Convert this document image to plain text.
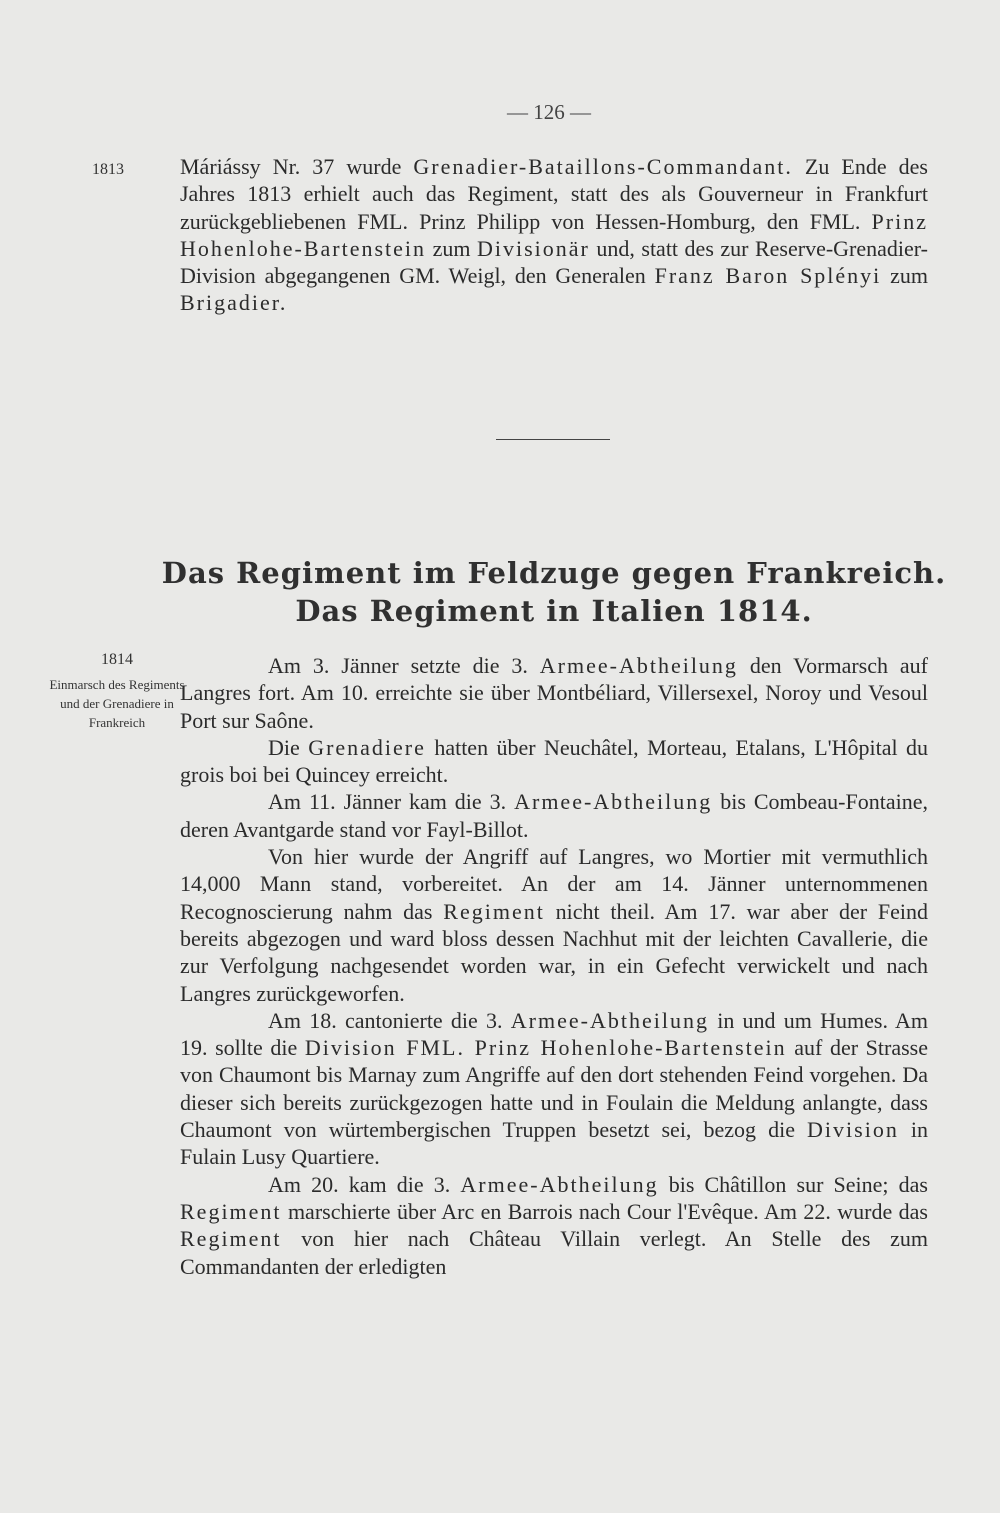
— 126 —
1813
1814
Einmarsch des Regiments und der Grenadiere in Frankreich

Máriássy Nr. 37 wurde Grenadier-Bataillons-Commandant. Zu Ende des Jahres 1813 erhielt auch das Regiment, statt des als Gouverneur in Frankfurt zurückgebliebenen FML. Prinz Philipp von Hessen-Homburg, den FML. Prinz Hohenlohe-Bartenstein zum Divisionär und, statt des zur Reserve-Grenadier-Division abgegangenen GM. Weigl, den Generalen Franz Baron Splényi zum Brigadier.

Das Regiment im Feldzuge gegen Frankreich.
Das Regiment in Italien 1814.

Am 3. Jänner setzte die 3. Armee-Abtheilung den Vormarsch auf Langres fort. Am 10. erreichte sie über Montbéliard, Villersexel, Noroy und Vesoul Port sur Saône.

Die Grenadiere hatten über Neuchâtel, Morteau, Etalans, L'Hôpital du grois boi bei Quincey erreicht.

Am 11. Jänner kam die 3. Armee-Abtheilung bis Combeau-Fontaine, deren Avantgarde stand vor Fayl-Billot.

Von hier wurde der Angriff auf Langres, wo Mortier mit vermuthlich 14,000 Mann stand, vorbereitet. An der am 14. Jänner unternommenen Recognoscierung nahm das Regiment nicht theil. Am 17. war aber der Feind bereits abgezogen und ward bloss dessen Nachhut mit der leichten Cavallerie, die zur Verfolgung nachgesendet worden war, in ein Gefecht verwickelt und nach Langres zurückgeworfen.

Am 18. cantonierte die 3. Armee-Abtheilung in und um Humes. Am 19. sollte die Division FML. Prinz Hohenlohe-Bartenstein auf der Strasse von Chaumont bis Marnay zum Angriffe auf den dort stehenden Feind vorgehen. Da dieser sich bereits zurückgezogen hatte und in Foulain die Meldung anlangte, dass Chaumont von würtembergischen Truppen besetzt sei, bezog die Division in Fulain Lusy Quartiere.

Am 20. kam die 3. Armee-Abtheilung bis Châtillon sur Seine; das Regiment marschierte über Arc en Barrois nach Cour l'Evêque. Am 22. wurde das Regiment von hier nach Château Villain verlegt. An Stelle des zum Commandanten der erledigten
